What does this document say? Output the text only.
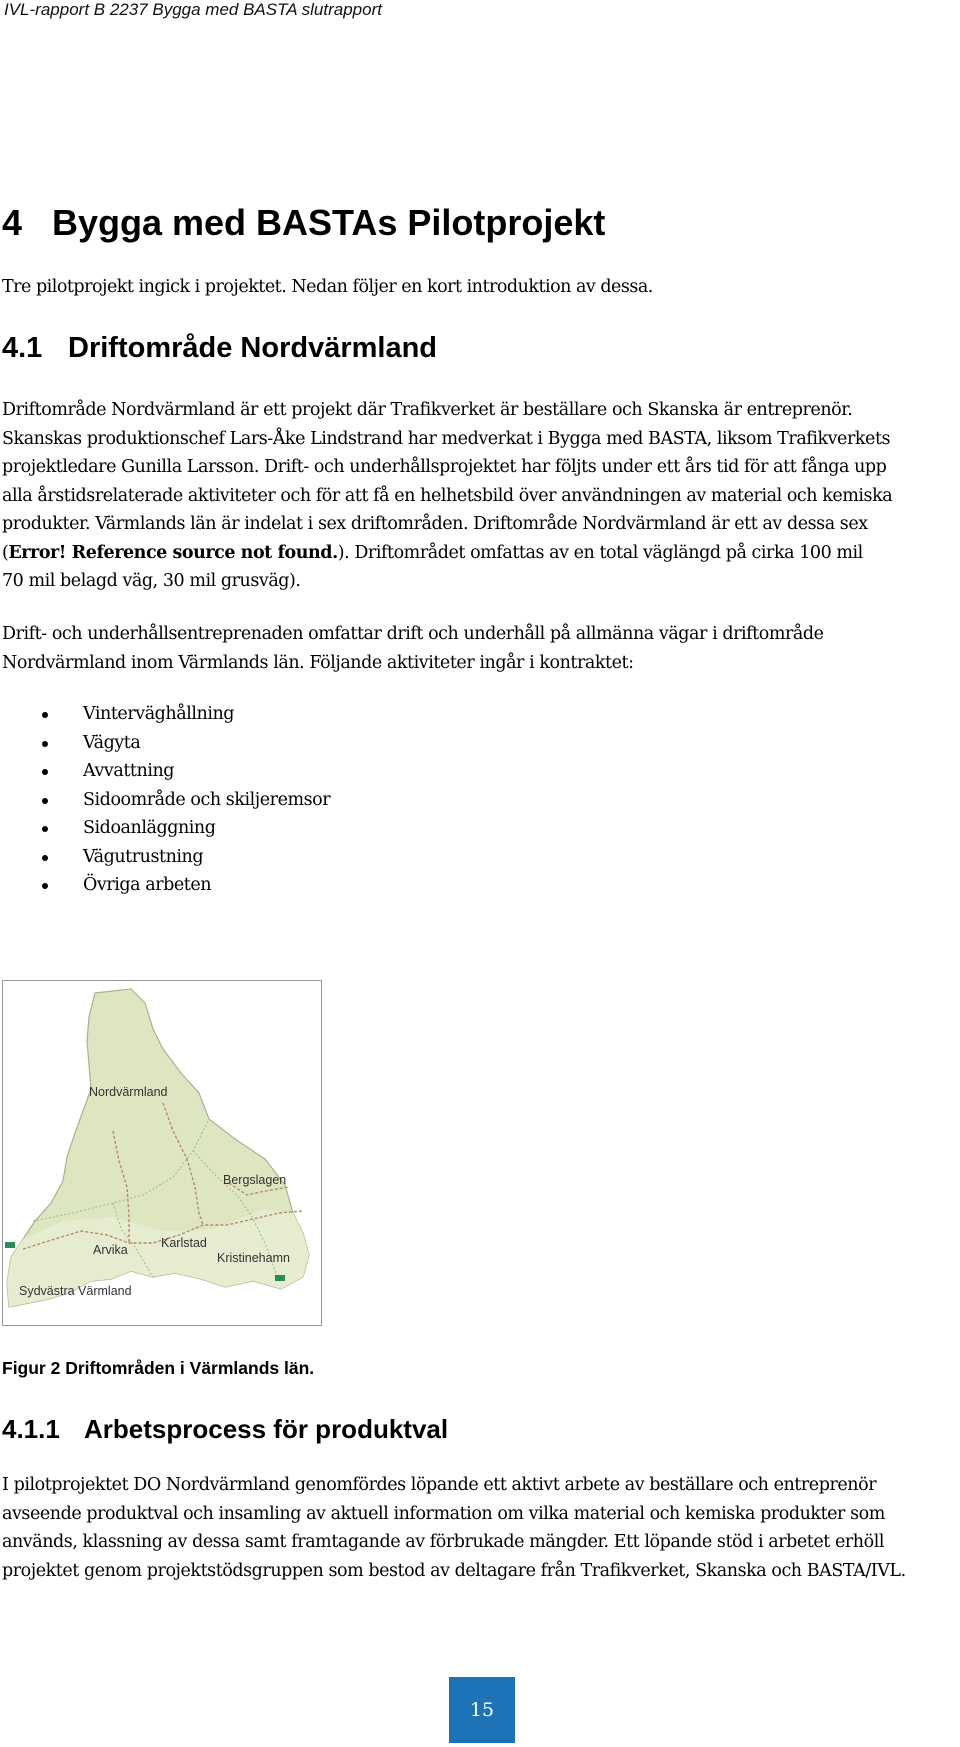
IVL-rapport B 2237 Bygga med BASTA slutrapport
4 Bygga med BASTAs Pilotprojekt

Tre pilotprojekt ingick i projektet. Nedan följer en kort introduktion av dessa.

4.1 Driftområde Nordvärmland

Driftområde Nordvärmland är ett projekt där Trafikverket är beställare och Skanska är entreprenör.
Skanskas produktionschef Lars-Åke Lindstrand har medverkat i Bygga med BASTA, liksom Trafikverkets
projektledare Gunilla Larsson. Drift- och underhållsprojektet har följts under ett års tid för att fånga upp
alla årstidsrelaterade aktiviteter och för att få en helhetsbild över användningen av material och kemiska
produkter. Värmlands län är indelat i sex driftområden. Driftområde Nordvärmland är ett av dessa sex
(Error! Reference source not found.). Driftområdet omfattas av en total väglängd på cirka 100 mil
70 mil belagd väg, 30 mil grusväg).

Drift- och underhållsentreprenaden omfattar drift och underhåll på allmänna vägar i driftområde
Nordvärmland inom Värmlands län. Följande aktiviteter ingår i kontraktet:

Vinterväghållning
Vägyta
Avvattning
Sidoområde och skiljeremsor
Sidoanläggning
Vägutrustning
Övriga arbeten
Nordvärmland
Bergslagen
Arvika	Karlstad
Kristinehamn
Sydvästra Värmland

Figur 2 Driftområden i Värmlands län.

4.1.1 Arbetsprocess för produktval

I pilotprojektet DO Nordvärmland genomfördes löpande ett aktivt arbete av beställare och entreprenör
avseende produktval och insamling av aktuell information om vilka material och kemiska produkter som
används, klassning av dessa samt framtagande av förbrukade mängder. Ett löpande stöd i arbetet erhöll
projektet genom projektstödsgruppen som bestod av deltagare från Trafikverket, Skanska och BASTA/IVL.

15
